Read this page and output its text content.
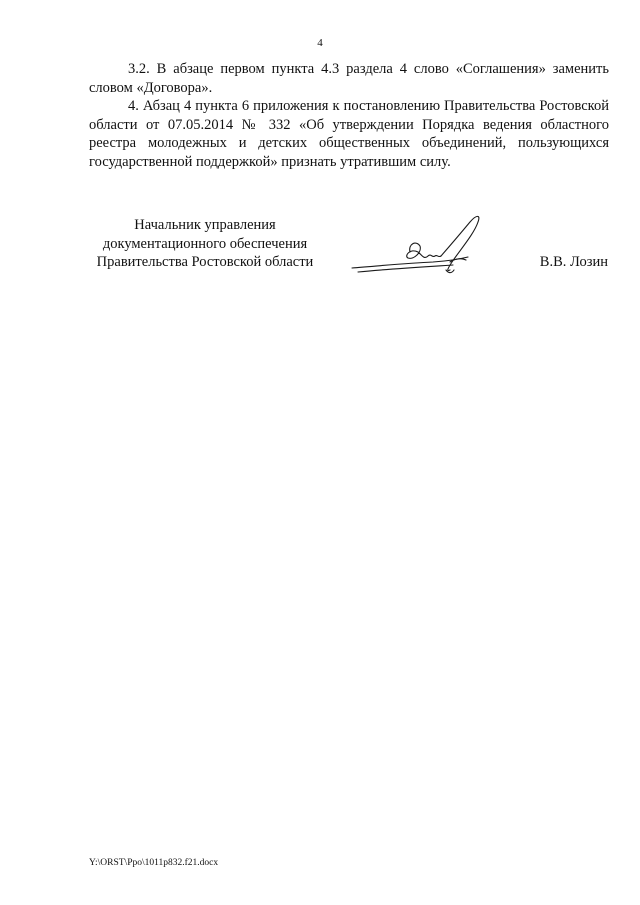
4

3.2. В абзаце первом пункта 4.3 раздела 4 слово «Соглашения» заменить словом «Договора».

4. Абзац 4 пункта 6 приложения к постановлению Правительства Ростовской области от 07.05.2014 № 332 «Об утверждении Порядка ведения областного реестра молодежных и детских общественных объединений, пользующихся государственной поддержкой» признать утратившим силу.

Начальник управления
документационного обеспечения
Правительства Ростовской области	В.В. Лозин
Y:\ORST\Ppo\1011p832.f21.docx
